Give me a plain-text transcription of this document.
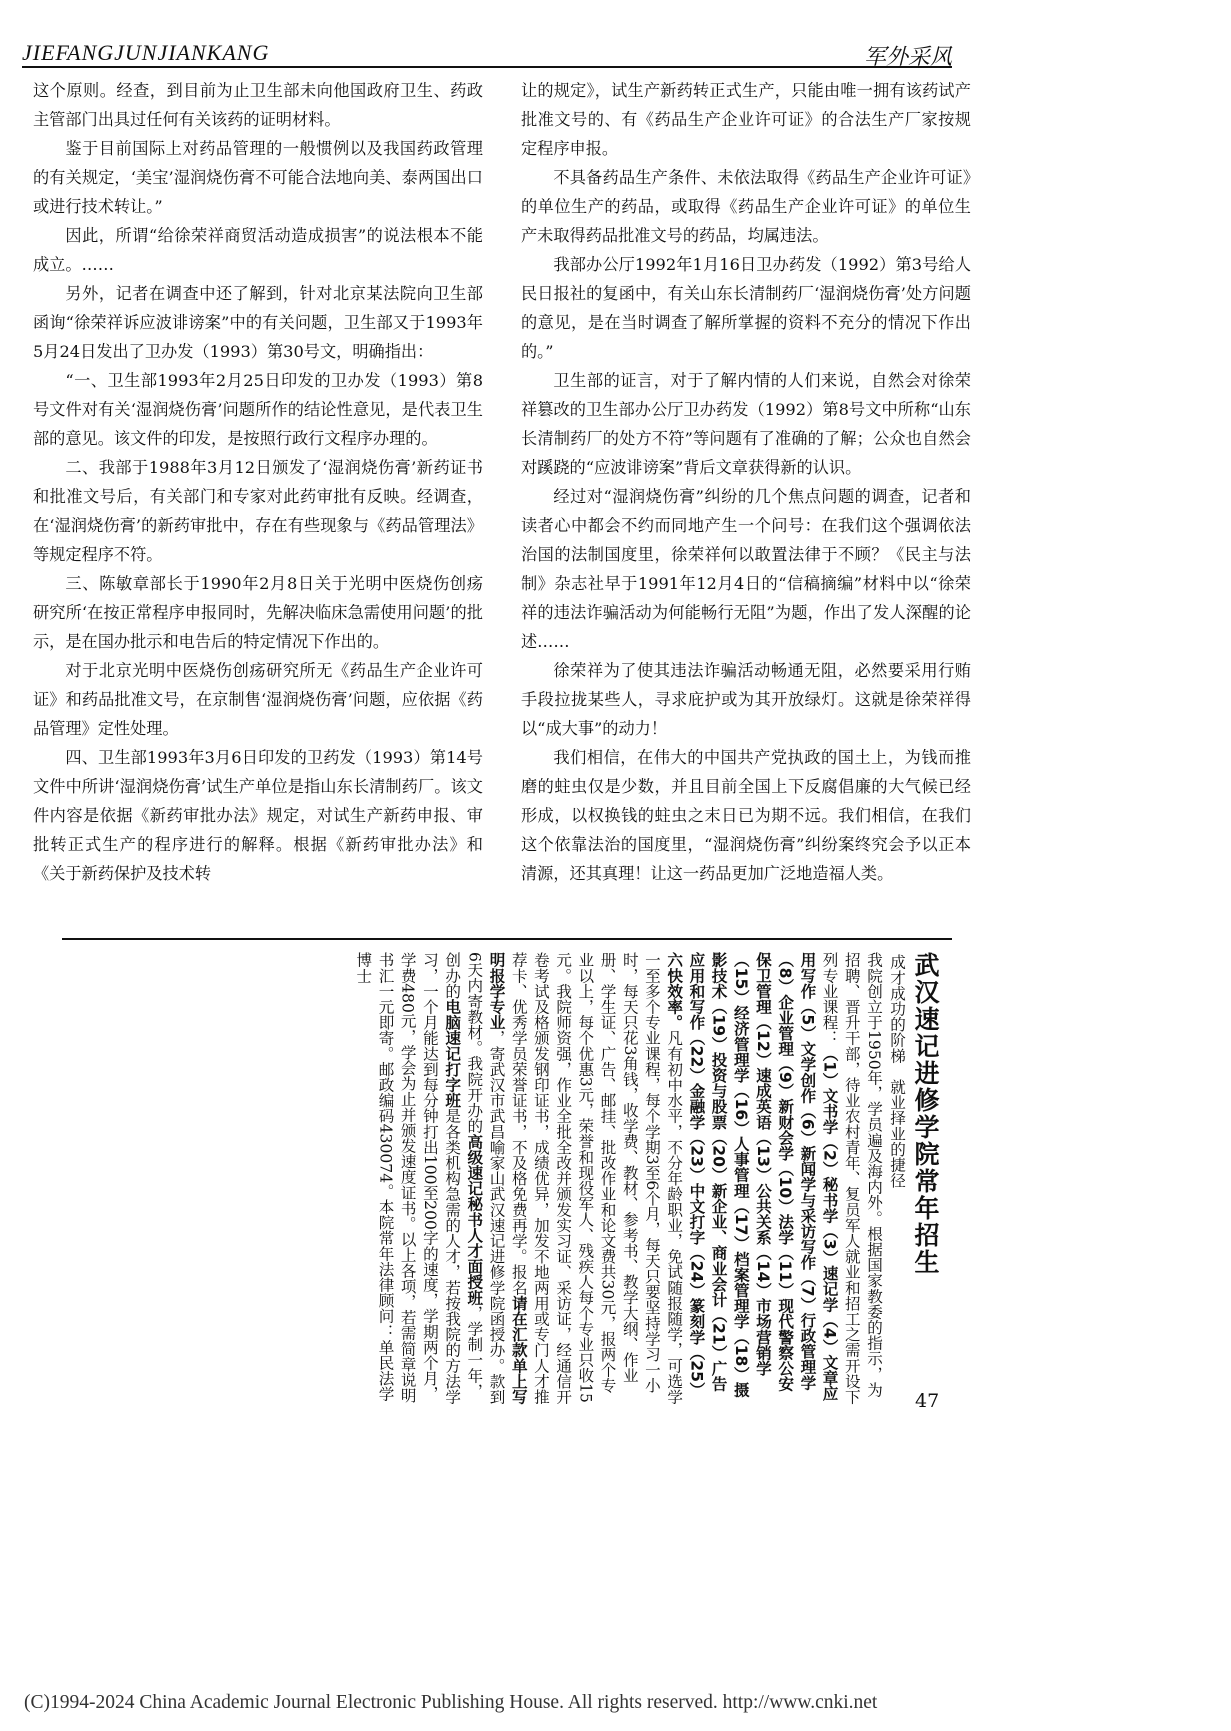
JIEFANGJUNJIANKANG	军外采风

这个原则。经查，到目前为止卫生部未向他国政府卫生、药政主管部门出具过任何有关该药的证明材料。

鉴于目前国际上对药品管理的一般惯例以及我国药政管理的有关规定，‘美宝’湿润烧伤膏不可能合法地向美、泰两国出口或进行技术转让。”

因此，所谓“给徐荣祥商贸活动造成损害”的说法根本不能成立。……

另外，记者在调查中还了解到，针对北京某法院向卫生部函询“徐荣祥诉应波诽谤案”中的有关问题，卫生部又于1993年5月24日发出了卫办发（1993）第30号文，明确指出：

“一、卫生部1993年2月25日印发的卫办发（1993）第8号文件对有关‘湿润烧伤膏’问题所作的结论性意见，是代表卫生部的意见。该文件的印发，是按照行政行文程序办理的。

二、我部于1988年3月12日颁发了‘湿润烧伤膏’新药证书和批准文号后，有关部门和专家对此药审批有反映。经调查，在‘湿润烧伤膏’的新药审批中，存在有些现象与《药品管理法》等规定程序不符。

三、陈敏章部长于1990年2月8日关于光明中医烧伤创疡研究所‘在按正常程序申报同时，先解决临床急需使用问题’的批示，是在国办批示和电告后的特定情况下作出的。

对于北京光明中医烧伤创疡研究所无《药品生产企业许可证》和药品批准文号，在京制售‘湿润烧伤膏’问题，应依据《药品管理》定性处理。

四、卫生部1993年3月6日印发的卫药发（1993）第14号文件中所讲‘湿润烧伤膏’试生产单位是指山东长清制药厂。该文件内容是依据《新药审批办法》规定，对试生产新药申报、审批转正式生产的程序进行的解释。根据《新药审批办法》和《关于新药保护及技术转

让的规定》，试生产新药转正式生产，只能由唯一拥有该药试产批准文号的、有《药品生产企业许可证》的合法生产厂家按规定程序申报。

不具备药品生产条件、未依法取得《药品生产企业许可证》的单位生产的药品，或取得《药品生产企业许可证》的单位生产未取得药品批准文号的药品，均属违法。

我部办公厅1992年1月16日卫办药发（1992）第3号给人民日报社的复函中，有关山东长清制药厂‘湿润烧伤膏’处方问题的意见，是在当时调查了解所掌握的资料不充分的情况下作出的。”

卫生部的证言，对于了解内情的人们来说，自然会对徐荣祥篡改的卫生部办公厅卫办药发（1992）第8号文中所称“山东长清制药厂的处方不符”等问题有了准确的了解；公众也自然会对蹊跷的“应波诽谤案”背后文章获得新的认识。

经过对“湿润烧伤膏”纠纷的几个焦点问题的调查，记者和读者心中都会不约而同地产生一个问号：在我们这个强调依法治国的法制国度里，徐荣祥何以敢置法律于不顾？《民主与法制》杂志社早于1991年12月4日的“信稿摘编”材料中以“徐荣祥的违法诈骗活动为何能畅行无阻”为题，作出了发人深醒的论述……

徐荣祥为了使其违法诈骗活动畅通无阻，必然要采用行贿手段拉拢某些人，寻求庇护或为其开放绿灯。这就是徐荣祥得以“成大事”的动力！

我们相信，在伟大的中国共产党执政的国土上，为钱而推磨的蛀虫仅是少数，并且目前全国上下反腐倡廉的大气候已经形成，以权换钱的蛀虫之末日已为期不远。我们相信，在我们这个依靠法治的国度里，“湿润烧伤膏”纠纷案终究会予以正本清源，还其真理！让这一药品更加广泛地造福人类。

武汉速记进修学院常年招生
成才成功的阶梯　就业择业的捷径
我院创立于1950年，学员遍及海内外。根据国家教委的指示，为招聘、晋升干部，待业农村青年、复员军人就业和招工之需开设下列专业课程：（1）文书学（2）秘书学（3）速记学（4）文章应用写作（5）文学创作（6）新闻学与采访写作（7）行政管理学（8）企业管理（9）新财会学（10）法学（11）现代警察公安保卫管理（12）速成英语（13）公共关系（14）市场营销学（15）经济管理学（16）人事管理（17）档案管理学（18）摄影技术（19）投资与股票（20）新企业、商业会计（21）广告应用和写作（22）金融学（23）中文打字（24）篆刻学（25）六快效率。凡有初中水平，不分年龄职业，免试随报随学，可选学一至多个专业课程，每个学期3至6个月，每天只要坚持学习一小时，每天只花3角钱，收学费、教材、参考书、教学大纲、作业册、学生证、广告、邮挂、批改作业和论文费共30元，报两个专业以上，每个优惠3元，荣誉和现役军人、残疾人每个专业只收15元。我院师资强，作业全批全改并颁发实习证、采访证，经通信开卷考试及格颁发钢印证书，成绩优异，加发不地两用或专门人才推荐卡、优秀学员荣誉证书，不及格免费再学。报名请在汇款单上写明报学专业，寄武汉市武昌喻家山武汉速记进修学院函授办。款到6天内寄教材。我院开办的高级速记秘书人才面授班，学制一年，创办的电脑速记打字班是各类机构急需的人才，若按我院的方法学习，一个月能达到每分钟打出100至200字的速度，学期两个月，学费480元，学会为止并颁发速度证书。以上各项，若需简章说明书汇一元即寄。邮政编码430074。本院常年法律顾问：单民法学博士
47
(C)1994-2024 China Academic Journal Electronic Publishing House. All rights reserved. http://www.cnki.net
